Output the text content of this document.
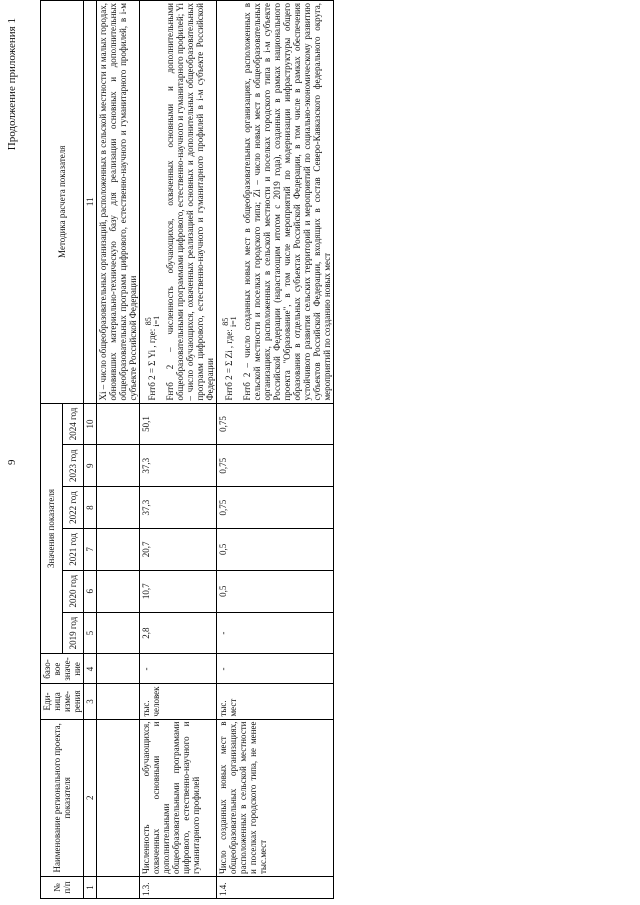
9
Продолжение приложения 1
№ п/п	Наименование регионального проекта, показателя	Еди- ница изме- рения	базо- вое значе- ние	Значения показателя						Методика расчета показателя
				2019 год	2020 год	2021 год	2022 год	2023 год	2024 год	
1	2	3	4	5	6	7	8	9	10	11
										Xi – число общеобразовательных организаций, расположенных в сельской местности и малых городах, обновивших материально-техническую базу для реализации основных и дополнительных общеобразовательных программ цифрового, естественно-научного и гуманитарного профилей, в i-м субъекте Российской Федерации
1.3.	Численность обучающихся, охваченных основными и дополнительными общеобразовательными программами цифрового, естественно-научного и гуманитарного профилей	тыс. человек	-	2,8	10,7	20,7	37,3	37,3	50,1	Fнтб 2 = Σ Yi , где: 85
i=1 Fнтб 2 – численность обучающихся, охваченных основными и дополнительными общеобразовательными программами цифрового, естественно-научного и гуманитарного профилей; Yi – число обучающихся, охваченных реализацией основных и дополнительных общеобразовательных программ цифрового, естественно-научного и гуманитарного профилей в i-м субъекте Российской Федерации

1.4.	Число созданных новых мест в общеобразовательных организациях, расположенных в сельской местности и поселках городского типа, не менее тыс.мест	тыс. мест	-	-	0,5	0,5	0,75	0,75	0,75	Fнтб 2 = Σ Zi , где: 85
i=1 Fнтб 2 – число созданных новых мест в общеобразовательных организациях, расположенных в сельской местности и поселках городского типа; Zi – число новых мест в общеобразовательных организациях, расположенных в сельской местности и поселках городского типа в i-м субъекте Российской Федерации (нарастающим итогом с 2019 года), созданных в рамках национального проекта "Образование", в том числе мероприятий по модернизации инфраструктуры общего образования в отдельных субъектах Российской Федерации, в том числе в рамках обеспечения устойчивого развития сельских территорий и мероприятий по социально-экономическому развитию субъектов Российской Федерации, входящих в состав Северо-Кавказского федерального округа, мероприятий по созданию новых мест
